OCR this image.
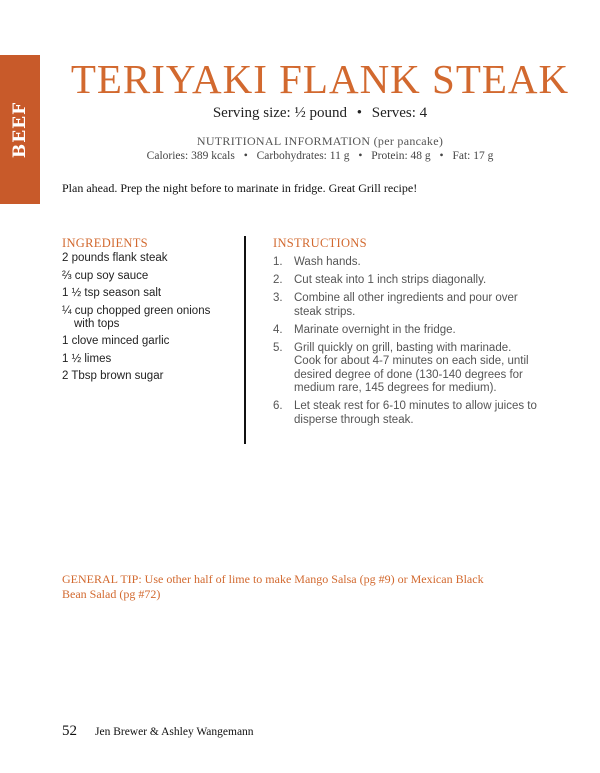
BEEF
TERIYAKI FLANK STEAK
Serving size: ½ pound • Serves: 4
NUTRITIONAL INFORMATION (per pancake)
Calories: 389 kcals • Carbohydrates: 11 g • Protein: 48 g • Fat: 17 g
Plan ahead. Prep the night before to marinate in fridge. Great Grill recipe!
INGREDIENTS
2 pounds flank steak
⅔ cup soy sauce
1 ½ tsp season salt
¼ cup chopped green onions with tops
1 clove minced garlic
1 ½ limes
2 Tbsp brown sugar
INSTRUCTIONS
1. Wash hands.
2. Cut steak into 1 inch strips diagonally.
3. Combine all other ingredients and pour over steak strips.
4. Marinate overnight in the fridge.
5. Grill quickly on grill, basting with marinade. Cook for about 4-7 minutes on each side, until desired degree of done (130-140 degrees for medium rare, 145 degrees for medium).
6. Let steak rest for 6-10 minutes to allow juices to disperse through steak.
GENERAL TIP: Use other half of lime to make Mango Salsa (pg #9) or Mexican Black Bean Salad (pg #72)
52 Jen Brewer & Ashley Wangemann
